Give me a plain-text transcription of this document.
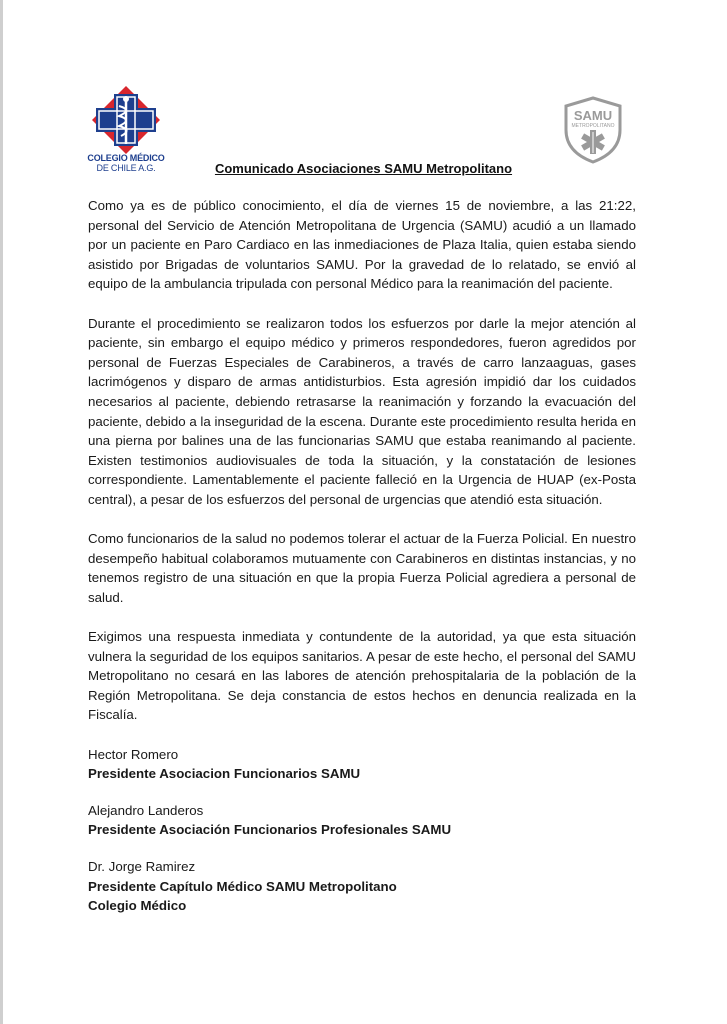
COLEGIO MÉDICO
DE CHILE A.G.
SAMU
METROPOLITANO
Comunicado Asociaciones SAMU Metropolitano

Como ya es de público conocimiento, el día de viernes 15 de noviembre, a las 21:22, personal del Servicio de Atención Metropolitana de Urgencia (SAMU) acudió a un llamado por un paciente en Paro Cardiaco en las inmediaciones de Plaza Italia, quien estaba siendo asistido por Brigadas de voluntarios SAMU. Por la gravedad de lo relatado, se envió al equipo de la ambulancia tripulada con personal Médico para la reanimación del paciente.

Durante el procedimiento se realizaron todos los esfuerzos por darle la mejor atención al paciente, sin embargo el equipo médico y primeros respondedores, fueron agredidos por personal de Fuerzas Especiales de Carabineros, a través de carro lanzaaguas, gases lacrimógenos y disparo de armas antidisturbios. Esta agresión impidió dar los cuidados necesarios al paciente, debiendo retrasarse la reanimación y forzando la evacuación del paciente, debido a la inseguridad de la escena. Durante este procedimiento resulta herida en una pierna por balines una de las funcionarias SAMU que estaba reanimando al paciente. Existen testimonios audiovisuales de toda la situación, y la constatación de lesiones correspondiente. Lamentablemente el paciente falleció en la Urgencia de HUAP (ex-Posta central), a pesar de los esfuerzos del personal de urgencias que atendió esta situación.

Como funcionarios de la salud no podemos tolerar el actuar de la Fuerza Policial. En nuestro desempeño habitual colaboramos mutuamente con Carabineros en distintas instancias, y no tenemos registro de una situación en que la propia Fuerza Policial agrediera a personal de salud.

Exigimos una respuesta inmediata y contundente de la autoridad, ya que esta situación vulnera la seguridad de los equipos sanitarios. A pesar de este hecho, el personal del SAMU Metropolitano no cesará en las labores de atención prehospitalaria de la población de la Región Metropolitana. Se deja constancia de estos hechos en denuncia realizada en la Fiscalía.

Hector Romero

Presidente Asociacion Funcionarios SAMU

Alejandro Landeros

Presidente Asociación Funcionarios Profesionales SAMU

Dr. Jorge Ramirez

Presidente Capítulo Médico SAMU Metropolitano

Colegio Médico
